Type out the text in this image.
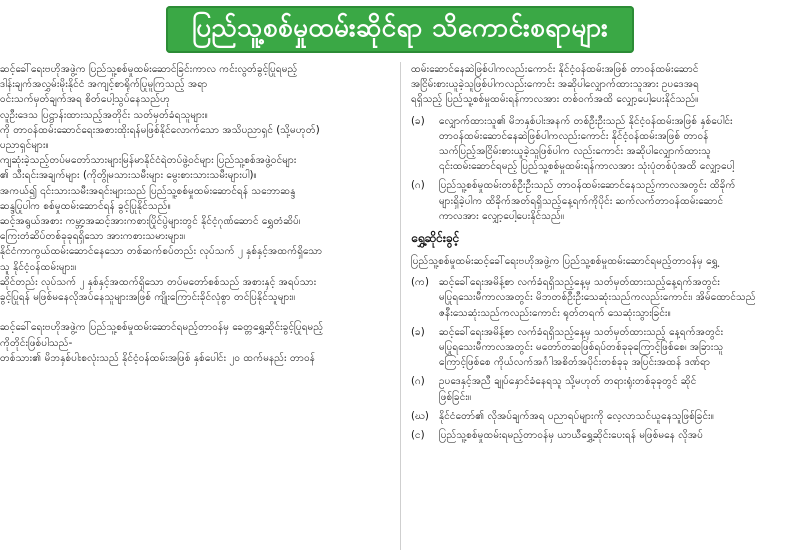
ပြည်သူ့စစ်မှုထမ်းဆိုင်ရာ သိကောင်းစရာများ
ဆင့်ခေါ်ရေးဗဟိုအဖွဲ့က ပြည်သူ့စစ်မှုထမ်းဆောင်ခြင်းကာလ ကင်းလွတ်ခွင့်ပြုရမည့်
ဒါန်းချက်အလွှမ်းမိုးနိုင်ငံ အကျင့်စာရိုက်ပြုမူကြသည့် အရာ
ဝင်းသက်မှတ်ချက်အရ စိတ်ပေါ့သွပ်နေသည်ဟု
လူဦးဒေသ ပြဋ္ဌာန်းထားသည့်အတိုင်း သတ်မှတ်ခံရသူများ။
ကို တာဝန်ထမ်းဆောင်ရေးအစားထိုးရန်မဖြစ်နိုင်လောက်သော အသိပညာရှင် (သို့မဟုတ်)
ပညာရှင်များ။
ကျဆုံးခဲ့သည့်တပ်မတော်သားများမြန်မာနိုင်ငံရဲတပ်ဖွဲ့ဝင်များ ပြည်သူ့စစ်အဖွဲ့ဝင်များ
၏ သီးရင်းအချက်များ (ကိုတွိုမသားသမီးများ မွေးစားသားသမီးများပါ)။
အကယ်၍ ၎င်းသားသမီးအရင်းများသည် ပြည်သူ့စစ်မှုထမ်းဆောင်ရန် သဘောဆန္ဒ
ဆန္ဒပြုပါက စစ်မှုထမ်းဆောင်ရန် ခွင့်ပြုနိုင်သည်။
ဆင့်အရွယ်အစား ကမ္ဘာ့အဆင့်အားကစားပြိုင်ပွဲများတွင် နိုင်ငံ့ဂုဏ်ဆောင် ရွှေတံဆိပ်၊
ကြေးတံဆိပ်တစ်ခုခုရရှိသော အားကစားသမားများ။
နိုင်ငံကာကွယ်ထမ်းဆောင်နေသော တစ်ဆက်စပ်တည်း လုပ်သက် ၂ နှစ်နှင့်အထက်ရှိသော
သူ နိုင်ငံ့ဝန်ထမ်းများ။
ဆိုင်တည်း လုပ်သက် ၂ နှစ်နှင့်အထက်ရှိသော တပ်မတော်စစ်သည် အစားနှင့် အရပ်သား
ခွင့်ပြုရန် မဖြစ်မနေလိုအပ်နေသူများအဖြစ် ကျိုးကြောင်းခိုင်လုံစွာ တင်ပြနိုင်သူများ။

ဆင့်ခေါ်ရေးဗဟိုအဖွဲ့က ပြည်သူ့စစ်မှုထမ်းဆောင်ရမည့်တာဝန်မှ ခေတ္တရွှေ့ဆိုင်းခွင့်ပြုရမည့်
ကိုတိုင်းဖြစ်ပါသည်-
တစ်သား၏ မိဘနှစ်ပါးစလုံးသည် နိုင်ငံ့ဝန်ထမ်းအဖြစ် နှစ်ပေါင်း ၂၀ ထက်မနည်း တာဝန်
ထမ်းဆောင်နေဆဲဖြစ်ပါကလည်းကောင်း နိုင်ငံ့ဝန်ထမ်းအဖြစ် တာဝန်ထမ်းဆောင်
အငြိမ်းစားယူခဲ့သူဖြစ်ပါကလည်းကောင်း အဆိုပါလျှောက်ထားသူအား ဥပဒေအရ
ရရှိသည့် ပြည်သူ့စစ်မှုထမ်းရန်ကာလအား တစ်ဝက်အထိ လျှော့ပေါ့ပေးနိုင်သည်။
(ခ)	လျှောက်ထားသူ၏ မိဘနှစ်ပါးအနက် တစ်ဦးဦးသည် နိုင်ငံ့ဝန်ထမ်းအဖြစ် နှစ်ပေါင်း
တာဝန်ထမ်းဆောင်နေဆဲဖြစ်ပါကလည်းကောင်း နိုင်ငံ့ဝန်ထမ်းအဖြစ် တာဝန်
သက်ပြည့်အငြိမ်းစားယူခဲ့သူဖြစ်ပါက လည်းကောင်း အဆိုပါလျှောက်ထားသူ
၎င်းထမ်းဆောင်ရမည့် ပြည်သူ့စစ်မှုထမ်းရန်ကာလအား သုံးပုံတစ်ပုံအထိ လျှော့ပေါ့
(ဂ)	ပြည်သူ့စစ်မှုထမ်းတစ်ဦးဦးသည် တာဝန်ထမ်းဆောင်နေသည့်ကာလအတွင်း ထိခိုက်
များရှိခဲ့ပါက ထိခိုက်အတ်ရရှိသည့်နေ့ရက်ကိုပိုင်း ဆက်လက်တာဝန်ထမ်းဆောင်
ကာလအား လျှော့ပေါ့ပေးနိုင်သည်။
ရွှေ့ဆိုင်းခွင့်
ပြည်သူ့စစ်မှုထမ်းဆင့်ခေါ်ရေးဗဟိုအဖွဲ့က ပြည်သူ့စစ်မှုထမ်းဆောင်ရမည့်တာဝန်မှ ရွှေ့
(က) ဆင့်ခေါ်ရေးအမိန့်စာ လက်ခံရရှိသည့်နေ့မှ သတ်မှတ်ထားသည့်နေ့ရက်အတွင်း
မပြုရသေးမီကာလအတွင်း မိဘတစ်ဦးဦးသေဆုံးသည်ကလည်းကောင်း၊ အိမ်ထောင်သည်
ဇနီးသေဆုံးသည်ကလည်းကောင်း ရုတ်တရက် သေဆုံးသွားခြင်း။
(ခ)	ဆင့်ခေါ်ရေးအမိန့်စာ လက်ခံရရှိသည့်နေ့မှ သတ်မှတ်ထားသည့် နေ့ရက်အတွင်း
မပြုရသေးမီကာလအတွင်း မတော်တဆဖြစ်ရပ်တစ်ခုခုကြောင့်ဖြစ်စေ၊ အခြားသူ
ကြောင့်ဖြစ်စေ ကိုယ်လက်အင်္ဂါအစိတ်အပိုင်းတစ်ခုခု အပြင်းအထန် ဒဏ်ရာ
(ဂ)	ဥပဒေနှင့်အညီ ချုပ်နှောင်ခံနေရသူ သို့မဟုတ် တရားရုံးတစ်ခုခုတွင် ဆိုင်
ဖြစ်ခြင်း။
(ဃ) နိုင်ငံတော်၏ လိုအပ်ချက်အရ ပညာရပ်များကို လေ့လာသင်ယူနေသူဖြစ်ခြင်း။
(င)	ပြည်သူ့စစ်မှုထမ်းရမည့်တာဝန်မှ ယာယီရွှေ့ဆိုင်းပေးရန် မဖြစ်မနေ လိုအပ်
